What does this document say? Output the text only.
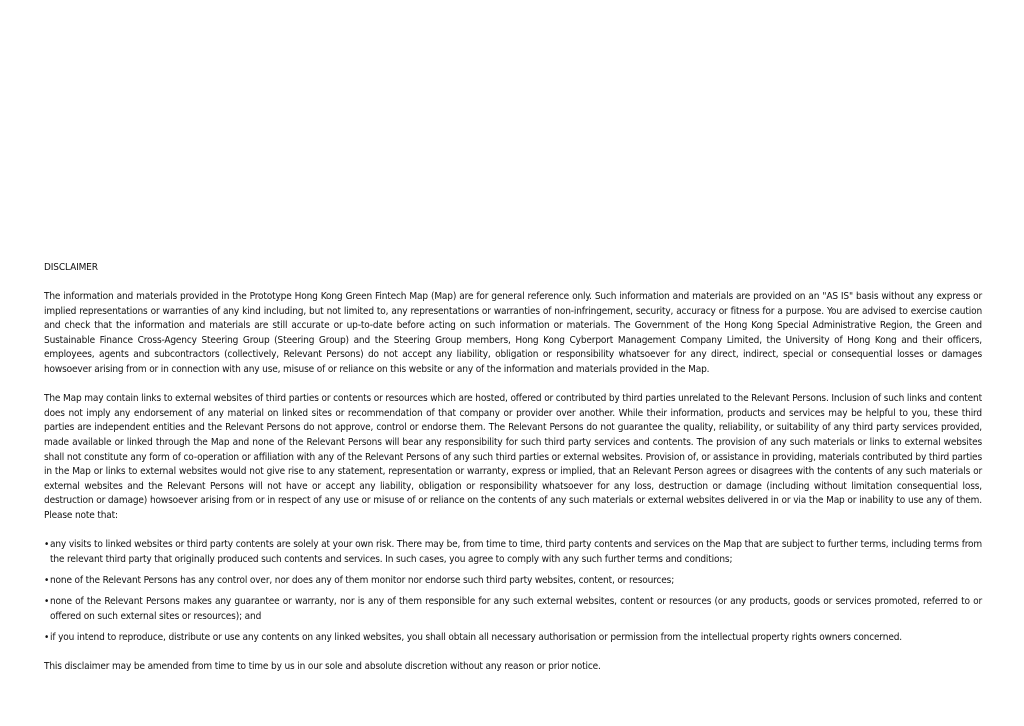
DISCLAIMER

The information and materials provided in the Prototype Hong Kong Green Fintech Map (Map) are for general reference only. Such information and materials are provided on an "AS IS" basis without any express or implied representations or warranties of any kind including, but not limited to, any representations or warranties of non-infringement, security, accuracy or fitness for a purpose. You are advised to exercise caution and check that the information and materials are still accurate or up-to-date before acting on such information or materials. The Government of the Hong Kong Special Administrative Region, the Green and Sustainable Finance Cross-Agency Steering Group (Steering Group) and the Steering Group members, Hong Kong Cyberport Management Company Limited, the University of Hong Kong and their officers, employees, agents and subcontractors (collectively, Relevant Persons) do not accept any liability, obligation or responsibility whatsoever for any direct, indirect, special or consequential losses or damages howsoever arising from or in connection with any use, misuse of or reliance on this website or any of the information and materials provided in the Map.

The Map may contain links to external websites of third parties or contents or resources which are hosted, offered or contributed by third parties unrelated to the Relevant Persons. Inclusion of such links and content does not imply any endorsement of any material on linked sites or recommendation of that company or provider over another. While their information, products and services may be helpful to you, these third parties are independent entities and the Relevant Persons do not approve, control or endorse them. The Relevant Persons do not guarantee the quality, reliability, or suitability of any third party services provided, made available or linked through the Map and none of the Relevant Persons will bear any responsibility for such third party services and contents. The provision of any such materials or links to external websites shall not constitute any form of co-operation or affiliation with any of the Relevant Persons of any such third parties or external websites. Provision of, or assistance in providing, materials contributed by third parties in the Map or links to external websites would not give rise to any statement, representation or warranty, express or implied, that an Relevant Person agrees or disagrees with the contents of any such materials or external websites and the Relevant Persons will not have or accept any liability, obligation or responsibility whatsoever for any loss, destruction or damage (including without limitation consequential loss, destruction or damage) howsoever arising from or in respect of any use or misuse of or reliance on the contents of any such materials or external websites delivered in or via the Map or inability to use any of them. Please note that:

• any visits to linked websites or third party contents are solely at your own risk. There may be, from time to time, third party contents and services on the Map that are subject to further terms, including terms from the relevant third party that originally produced such contents and services. In such cases, you agree to comply with any such further terms and conditions;
• none of the Relevant Persons has any control over, nor does any of them monitor nor endorse such third party websites, content, or resources;
• none of the Relevant Persons makes any guarantee or warranty, nor is any of them responsible for any such external websites, content or resources (or any products, goods or services promoted, referred to or offered on such external sites or resources); and
• if you intend to reproduce, distribute or use any contents on any linked websites, you shall obtain all necessary authorisation or permission from the intellectual property rights owners concerned.

This disclaimer may be amended from time to time by us in our sole and absolute discretion without any reason or prior notice.
